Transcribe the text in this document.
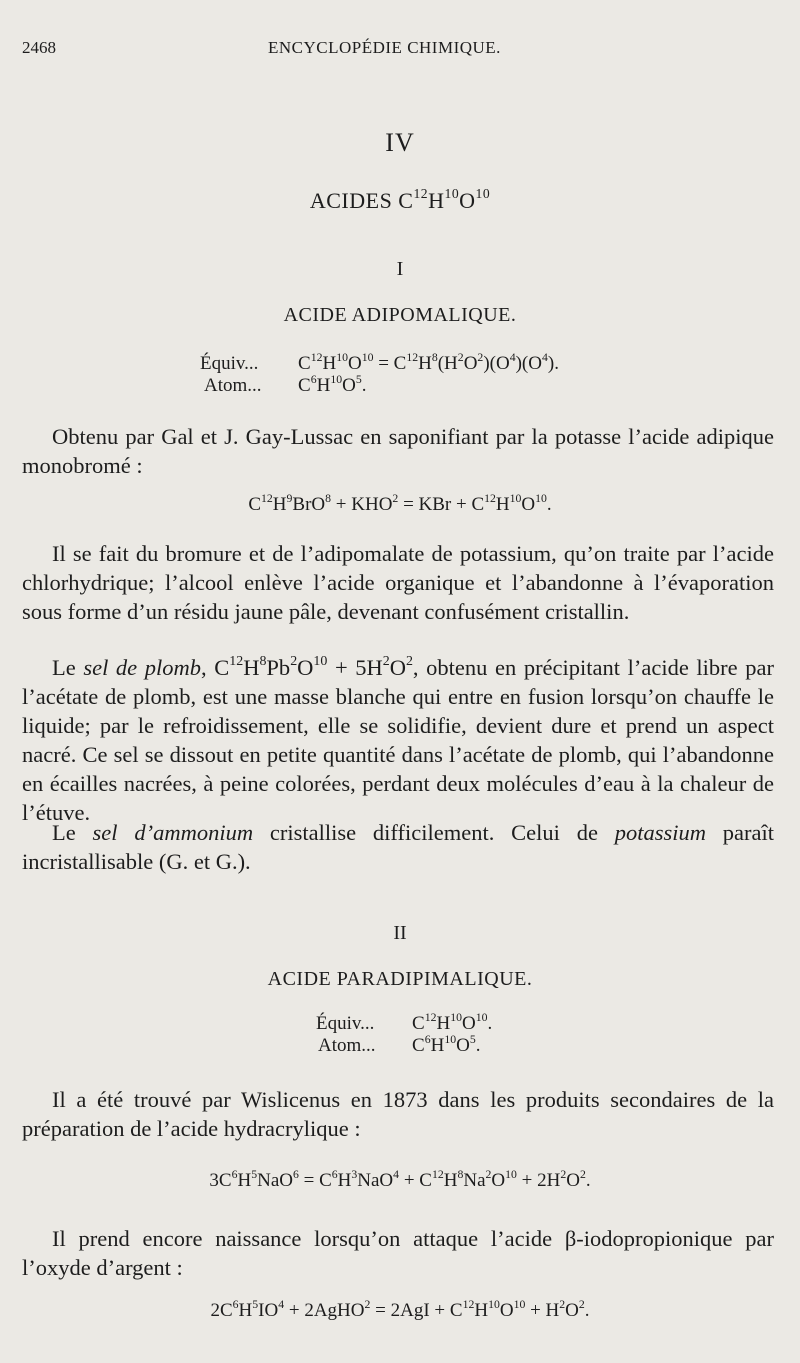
2468	ENCYCLOPÉDIE CHIMIQUE.
IV
ACIDES $C^{12}H^{10}O^{10}$
I
ACIDE ADIPOMALIQUE.
Équiv... $C^{12}H^{10}O^{10} = C^{12}H^8(H^2O^2)(O^4)(O^4)$.
Atom... $C^6H^{10}O^5$.

Obtenu par Gal et J. Gay-Lussac en saponifiant par la potasse l’acide adipique monobromé :

$C^{12}H^9BrO^8 + KHO^2$ = KBr + $C^{12}H^{10}O^{10}$.

Il se fait du bromure et de l’adipomalate de potassium, qu’on traite par l’acide chlorhydrique; l’alcool enlève l’acide organique et l’abandonne à l’évaporation sous forme d’un résidu jaune pâle, devenant confusément cristallin.

Le sel de plomb, $C^{12}H^8Pb^2O^{10} + 5H^2O^2$, obtenu en précipitant l’acide libre par l’acétate de plomb, est une masse blanche qui entre en fusion lorsqu’on chauffe le liquide; par le refroidissement, elle se solidifie, devient dure et prend un aspect nacré. Ce sel se dissout en petite quantité dans l’acétate de plomb, qui l’abandonne en écailles nacrées, à peine colorées, perdant deux molécules d’eau à la chaleur de l’étuve.

Le sel d’ammonium cristallise difficilement. Celui de potassium paraît incristallisable (G. et G.).

II
ACIDE PARADIPIMALIQUE.
Équiv... $C^{12}H^{10}O^{10}$.
Atom... $C^6H^{10}O^5$.

Il a été trouvé par Wislicenus en 1873 dans les produits secondaires de la préparation de l’acide hydracrylique :

$3C^6H^5NaO^6 = C^6H^3NaO^4 + C^{12}H^8Na^2O^{10} + 2H^2O^2$.

Il prend encore naissance lorsqu’on attaque l’acide β-iodopropionique par l’oxyde d’argent :

$2C^6H^5IO^4$ + 2AgHO$^2$ = $2AgI + C^{12}H^{10}O^{10} + H^2O^2$.
